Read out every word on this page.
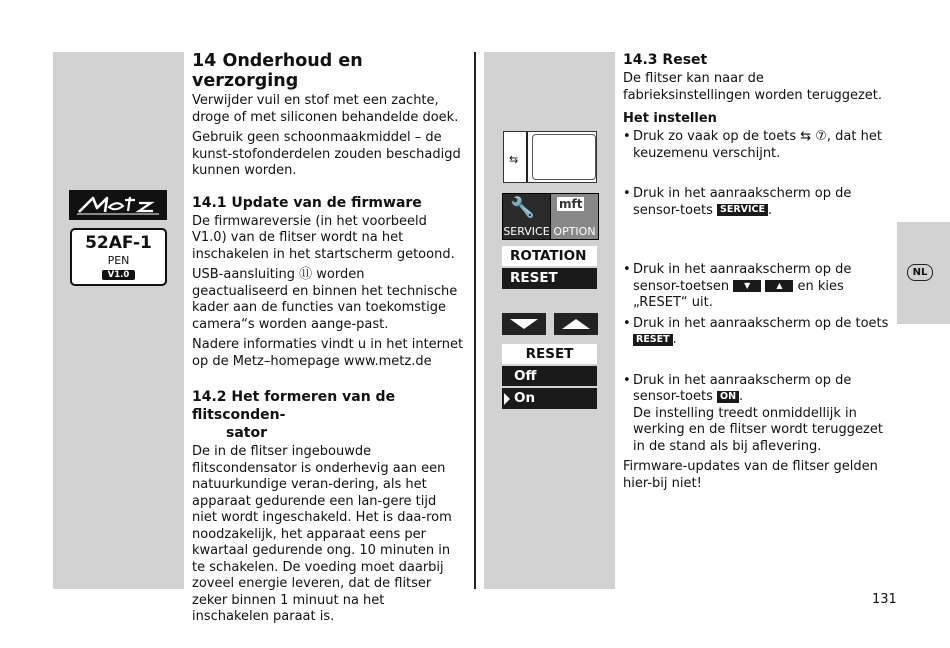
52AF-1
PEN
V1.0
14 Onderhoud en verzorging

Verwijder vuil en stof met een zachte, droge of met siliconen behandelde doek.

Gebruik geen schoonmaakmiddel – de kunst-stofonderdelen zouden beschadigd kunnen worden.

14.1 Update van de firmware

De firmwareversie (in het voorbeeld V1.0) van de flitser wordt na het inschakelen in het startscherm getoond.

USB-aansluiting ⑪ worden geactualiseerd en binnen het technische kader aan de functies van toekomstige camera“s worden aange-past.

Nadere informaties vindt u in het internet op de Metz–homepage www.metz.de

14.2 Het formeren van de flitsconden-
sator

De in de flitser ingebouwde flitscondensator is onderhevig aan een natuurkundige veran-dering, als het apparaat gedurende een lan-gere tijd niet wordt ingeschakeld. Het is daa-rom noodzakelijk, het apparaat eens per kwartaal gedurende ong. 10 minuten in te schakelen. De voeding moet daarbij zoveel energie leveren, dat de flitser zeker binnen 1 minuut na het inschakelen paraat is.

⇆
🔧
SERVICE
mft
OPTION
ROTATION
RESET
RESET
Off
On
14.3 Reset

De flitser kan naar de fabrieksinstellingen worden teruggezet.

Het instellen
• Druk zo vaak op de toets ⇆ ⑦, dat het keuzemenu verschijnt.
• Druk in het aanraakscherm op de sensor-toets SERVICE .
• Druk in het aanraakscherm op de sensor-toetsen ▼	▲ en kies „RESET“ uit.
• Druk in het aanraakscherm op de toets RESET .
• Druk in het aanraakscherm op de sensor-toets ON .
De instelling treedt onmiddellijk in werking en de flitser wordt teruggezet in de stand als bij aflevering.

Firmware-updates van de flitser gelden hier-bij niet!

NL
131
